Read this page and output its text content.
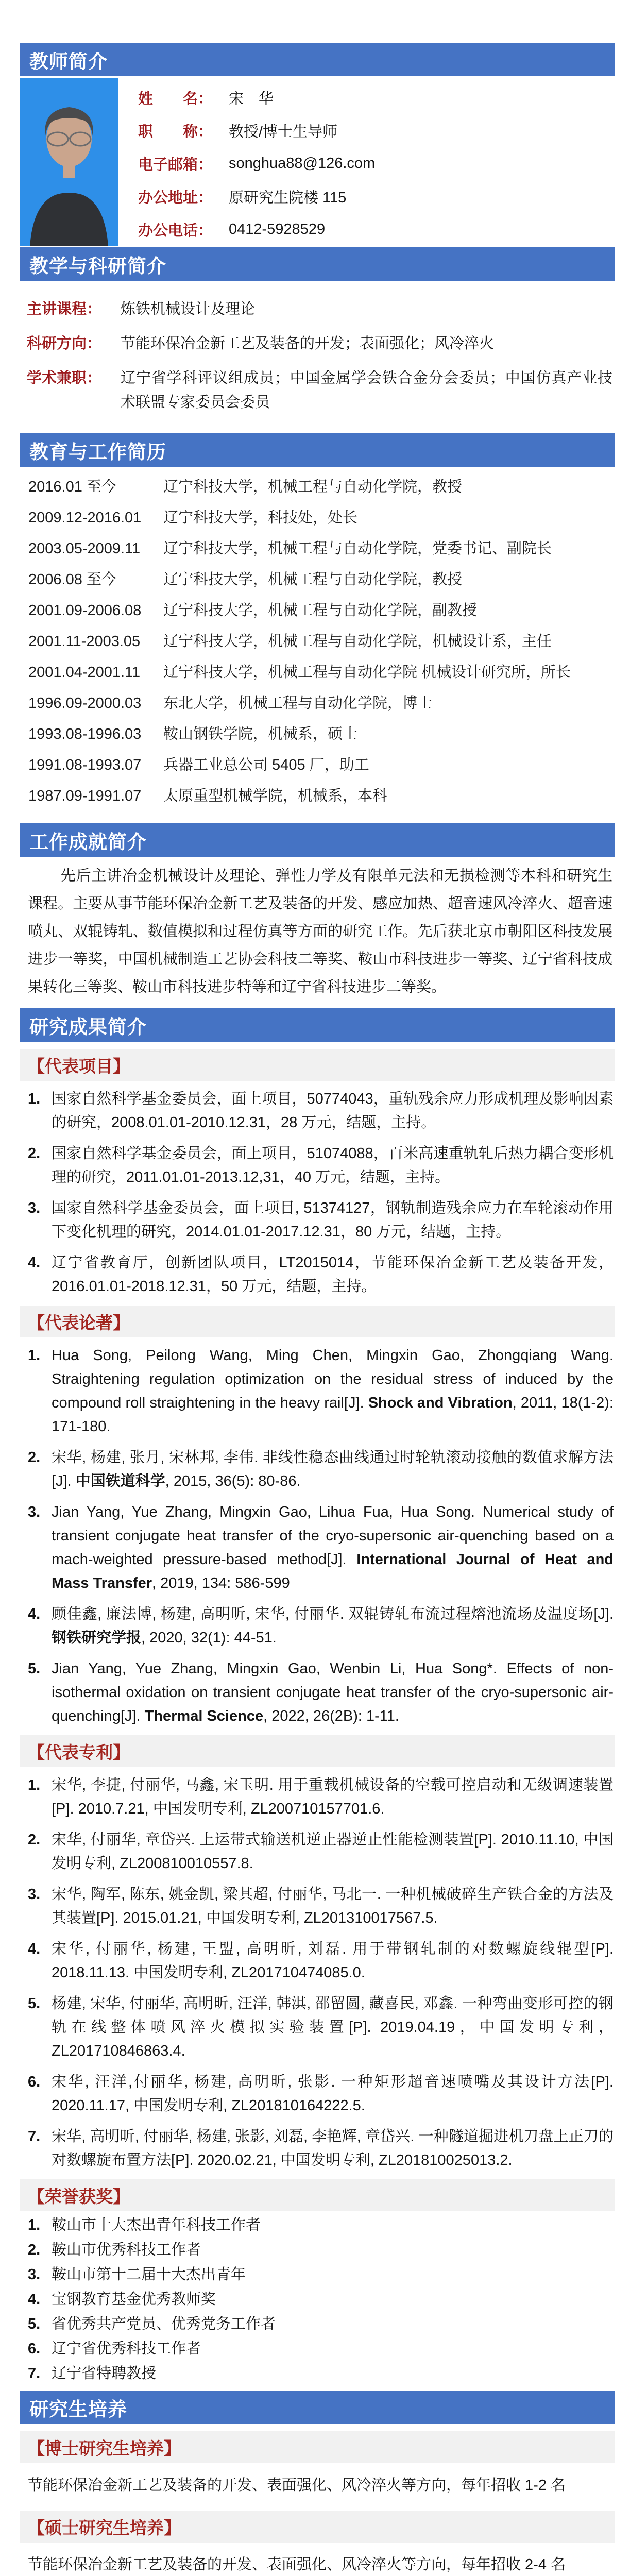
教师简介
姓　　名： 宋　华
职　　称： 教授/博士生导师
电子邮箱： songhua88@126.com
办公地址： 原研究生院楼 115
办公电话： 0412-5928529
教学与科研简介
主讲课程：	炼铁机械设计及理论
科研方向：	节能环保冶金新工艺及装备的开发；表面强化；风冷淬火
学术兼职：	辽宁省学科评议组成员；中国金属学会铁合金分会委员；中国仿真产业技术联盟专家委员会委员
教育与工作简历
2016.01 至今	辽宁科技大学，机械工程与自动化学院，教授
2009.12-2016.01	辽宁科技大学，科技处，处长
2003.05-2009.11	辽宁科技大学，机械工程与自动化学院，党委书记、副院长
2006.08 至今	辽宁科技大学，机械工程与自动化学院，教授
2001.09-2006.08	辽宁科技大学，机械工程与自动化学院，副教授
2001.11-2003.05	辽宁科技大学，机械工程与自动化学院，机械设计系，主任
2001.04-2001.11	辽宁科技大学，机械工程与自动化学院 机械设计研究所，所长
1996.09-2000.03	东北大学，机械工程与自动化学院，博士
1993.08-1996.03	鞍山钢铁学院，机械系，硕士
1991.08-1993.07	兵器工业总公司 5405 厂，助工
1987.09-1991.07	太原重型机械学院，机械系，本科
工作成就简介

先后主讲冶金机械设计及理论、弹性力学及有限单元法和无损检测等本科和研究生课程。主要从事节能环保冶金新工艺及装备的开发、感应加热、超音速风冷淬火、超音速喷丸、双辊铸轧、数值模拟和过程仿真等方面的研究工作。先后获北京市朝阳区科技发展进步一等奖，中国机械制造工艺协会科技二等奖、鞍山市科技进步一等奖、辽宁省科技成果转化三等奖、鞍山市科技进步特等和辽宁省科技进步二等奖。

研究成果简介
【代表项目】
国家自然科学基金委员会，面上项目，50774043，重轨残余应力形成机理及影响因素的研究，2008.01.01-2010.12.31，28 万元，结题，主持。
国家自然科学基金委员会，面上项目，51074088，百米高速重轨轧后热力耦合变形机理的研究，2011.01.01-2013.12,31，40 万元，结题，主持。
国家自然科学基金委员会，面上项目, 51374127，钢轨制造残余应力在车轮滚动作用下变化机理的研究，2014.01.01-2017.12.31，80 万元，结题，主持。
辽宁省教育厅，创新团队项目，LT2015014，节能环保冶金新工艺及装备开发，2016.01.01-2018.12.31，50 万元，结题，主持。
【代表论著】
Hua Song, Peilong Wang, Ming Chen, Mingxin Gao, Zhongqiang Wang. Straightening regulation optimization on the residual stress of induced by the compound roll straightening in the heavy rail[J]. Shock and Vibration, 2011, 18(1-2): 171-180.
宋华, 杨建, 张月, 宋林邦, 李伟. 非线性稳态曲线通过时轮轨滚动接触的数值求解方法[J]. 中国铁道科学, 2015, 36(5): 80-86.
Jian Yang, Yue Zhang, Mingxin Gao, Lihua Fua, Hua Song. Numerical study of transient conjugate heat transfer of the cryo-supersonic air-quenching based on a mach-weighted pressure-based method[J]. International Journal of Heat and Mass Transfer, 2019, 134: 586-599
顾佳鑫, 廉法博, 杨建, 高明昕, 宋华, 付丽华. 双辊铸轧布流过程熔池流场及温度场[J]. 钢铁研究学报, 2020, 32(1): 44-51.
Jian Yang, Yue Zhang, Mingxin Gao, Wenbin Li, Hua Song*. Effects of non-isothermal oxidation on transient conjugate heat transfer of the cryo-supersonic air-quenching[J]. Thermal Science, 2022, 26(2B): 1-11.
【代表专利】
宋华, 李捷, 付丽华, 马鑫, 宋玉明. 用于重载机械设备的空载可控启动和无级调速装置[P]. 2010.7.21, 中国发明专利, ZL200710157701.6.
宋华, 付丽华, 章岱兴. 上运带式输送机逆止器逆止性能检测装置[P]. 2010.11.10, 中国发明专利, ZL200810010557.8.
宋华, 陶军, 陈东, 姚金凯, 梁其超, 付丽华, 马北一. 一种机械破碎生产铁合金的方法及其装置[P]. 2015.01.21, 中国发明专利, ZL201310017567.5.
宋华, 付丽华, 杨建, 王盟, 高明昕, 刘磊. 用于带钢轧制的对数螺旋线辊型[P]. 2018.11.13. 中国发明专利, ZL201710474085.0.
杨建, 宋华, 付丽华, 高明昕, 汪洋, 韩淇, 邵留圆, 藏喜民, 邓鑫. 一种弯曲变形可控的钢轨在线整体喷风淬火模拟实验装置[P]. 2019.04.19，中国发明专利，ZL201710846863.4.
宋华, 汪洋,付丽华, 杨建, 高明昕, 张影. 一种矩形超音速喷嘴及其设计方法[P]. 2020.11.17, 中国发明专利, ZL201810164222.5.
宋华, 高明昕, 付丽华, 杨建, 张影, 刘磊, 李艳辉, 章岱兴. 一种隧道掘进机刀盘上正刀的对数螺旋布置方法[P]. 2020.02.21, 中国发明专利, ZL201810025013.2.
【荣誉获奖】
鞍山市十大杰出青年科技工作者
鞍山市优秀科技工作者
鞍山市第十二届十大杰出青年
宝钢教育基金优秀教师奖
省优秀共产党员、优秀党务工作者
辽宁省优秀科技工作者
辽宁省特聘教授
研究生培养
【博士研究生培养】

节能环保冶金新工艺及装备的开发、表面强化、风冷淬火等方向，每年招收 1-2 名

【硕士研究生培养】

节能环保冶金新工艺及装备的开发、表面强化、风冷淬火等方向，每年招收 2-4 名
